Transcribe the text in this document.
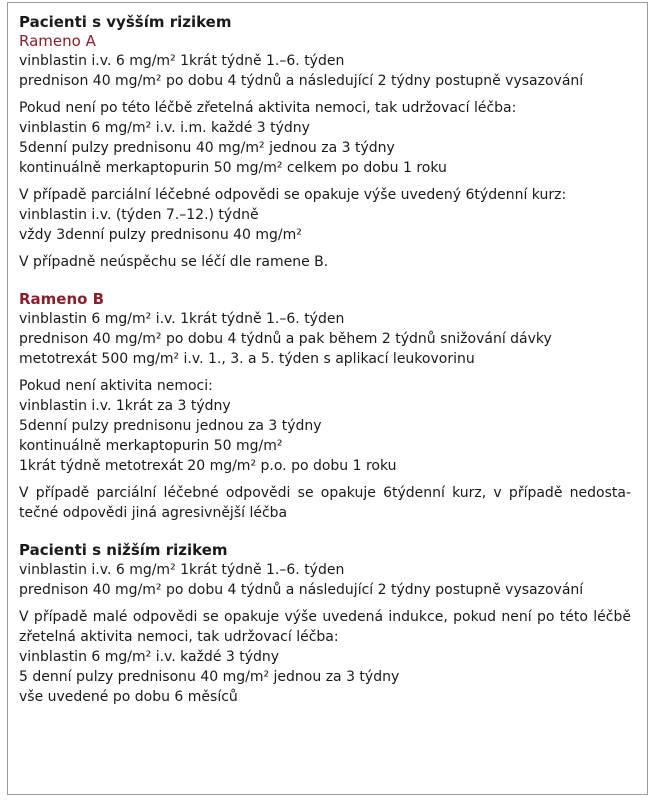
Pacienti s vyšším rizikem
Rameno A
vinblastin i.v. 6 mg/m² 1krát týdně 1.–6. týden
prednison 40 mg/m² po dobu 4 týdnů a následující 2 týdny postupně vysazování
Pokud není po této léčbě zřetelná aktivita nemoci, tak udržovací léčba:
vinblastin 6 mg/m² i.v. i.m. každé 3 týdny
5denní pulzy prednisonu 40 mg/m² jednou za 3 týdny
kontinuálně merkaptopurin 50 mg/m² celkem po dobu 1 roku
V případě parciální léčebné odpovědi se opakuje výše uvedený 6týdenní kurz:
vinblastin i.v. (týden 7.–12.) týdně
vždy 3denní pulzy prednisonu 40 mg/m²
V případně neúspěchu se léčí dle ramene B.
Rameno B
vinblastin 6 mg/m² i.v. 1krát týdně 1.–6. týden
prednison 40 mg/m² po dobu 4 týdnů a pak během 2 týdnů snižování dávky
metotrexát 500 mg/m² i.v. 1., 3. a 5. týden s aplikací leukovorinu
Pokud není aktivita nemoci:
vinblastin i.v. 1krát za 3 týdny
5denní pulzy prednisonu jednou za 3 týdny
kontinuálně merkaptopurin 50 mg/m²
1krát týdně metotrexát 20 mg/m² p.o. po dobu 1 roku
V případě parciální léčebné odpovědi se opakuje 6týdenní kurz, v případě nedosta-tečné odpovědi jiná agresivnější léčba
Pacienti s nižším rizikem
vinblastin i.v. 6 mg/m² 1krát týdně 1.–6. týden
prednison 40 mg/m² po dobu 4 týdnů a následující 2 týdny postupně vysazování
V případě malé odpovědi se opakuje výše uvedená indukce, pokud není po této léčbě zřetelná aktivita nemoci, tak udržovací léčba:
vinblastin 6 mg/m² i.v. každé 3 týdny
5 denní pulzy prednisonu 40 mg/m² jednou za 3 týdny
vše uvedené po dobu 6 měsíců
